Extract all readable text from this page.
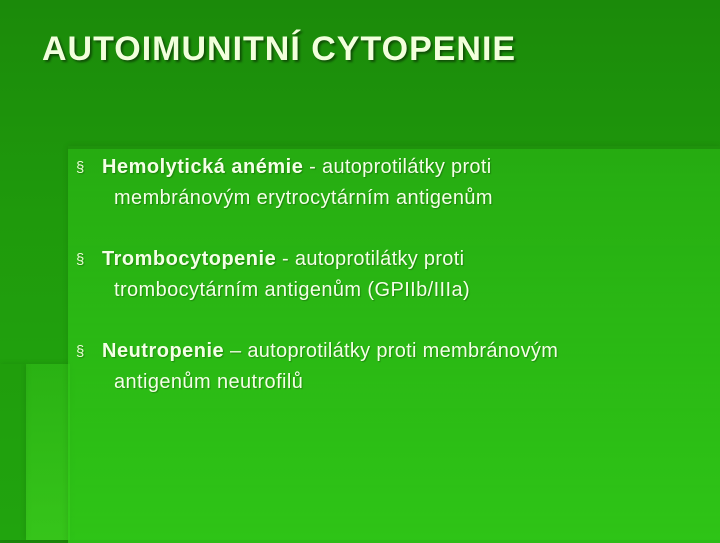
AUTOIMUNITNÍ CYTOPENIE
§ Hemolytická anémie - autoprotilátky proti
membránovým erytrocytárním antigenům
§ Trombocytopenie - autoprotilátky proti
trombocytárním antigenům (GPIIb/IIIa)
§ Neutropenie – autoprotilátky proti membránovým
antigenům neutrofilů
